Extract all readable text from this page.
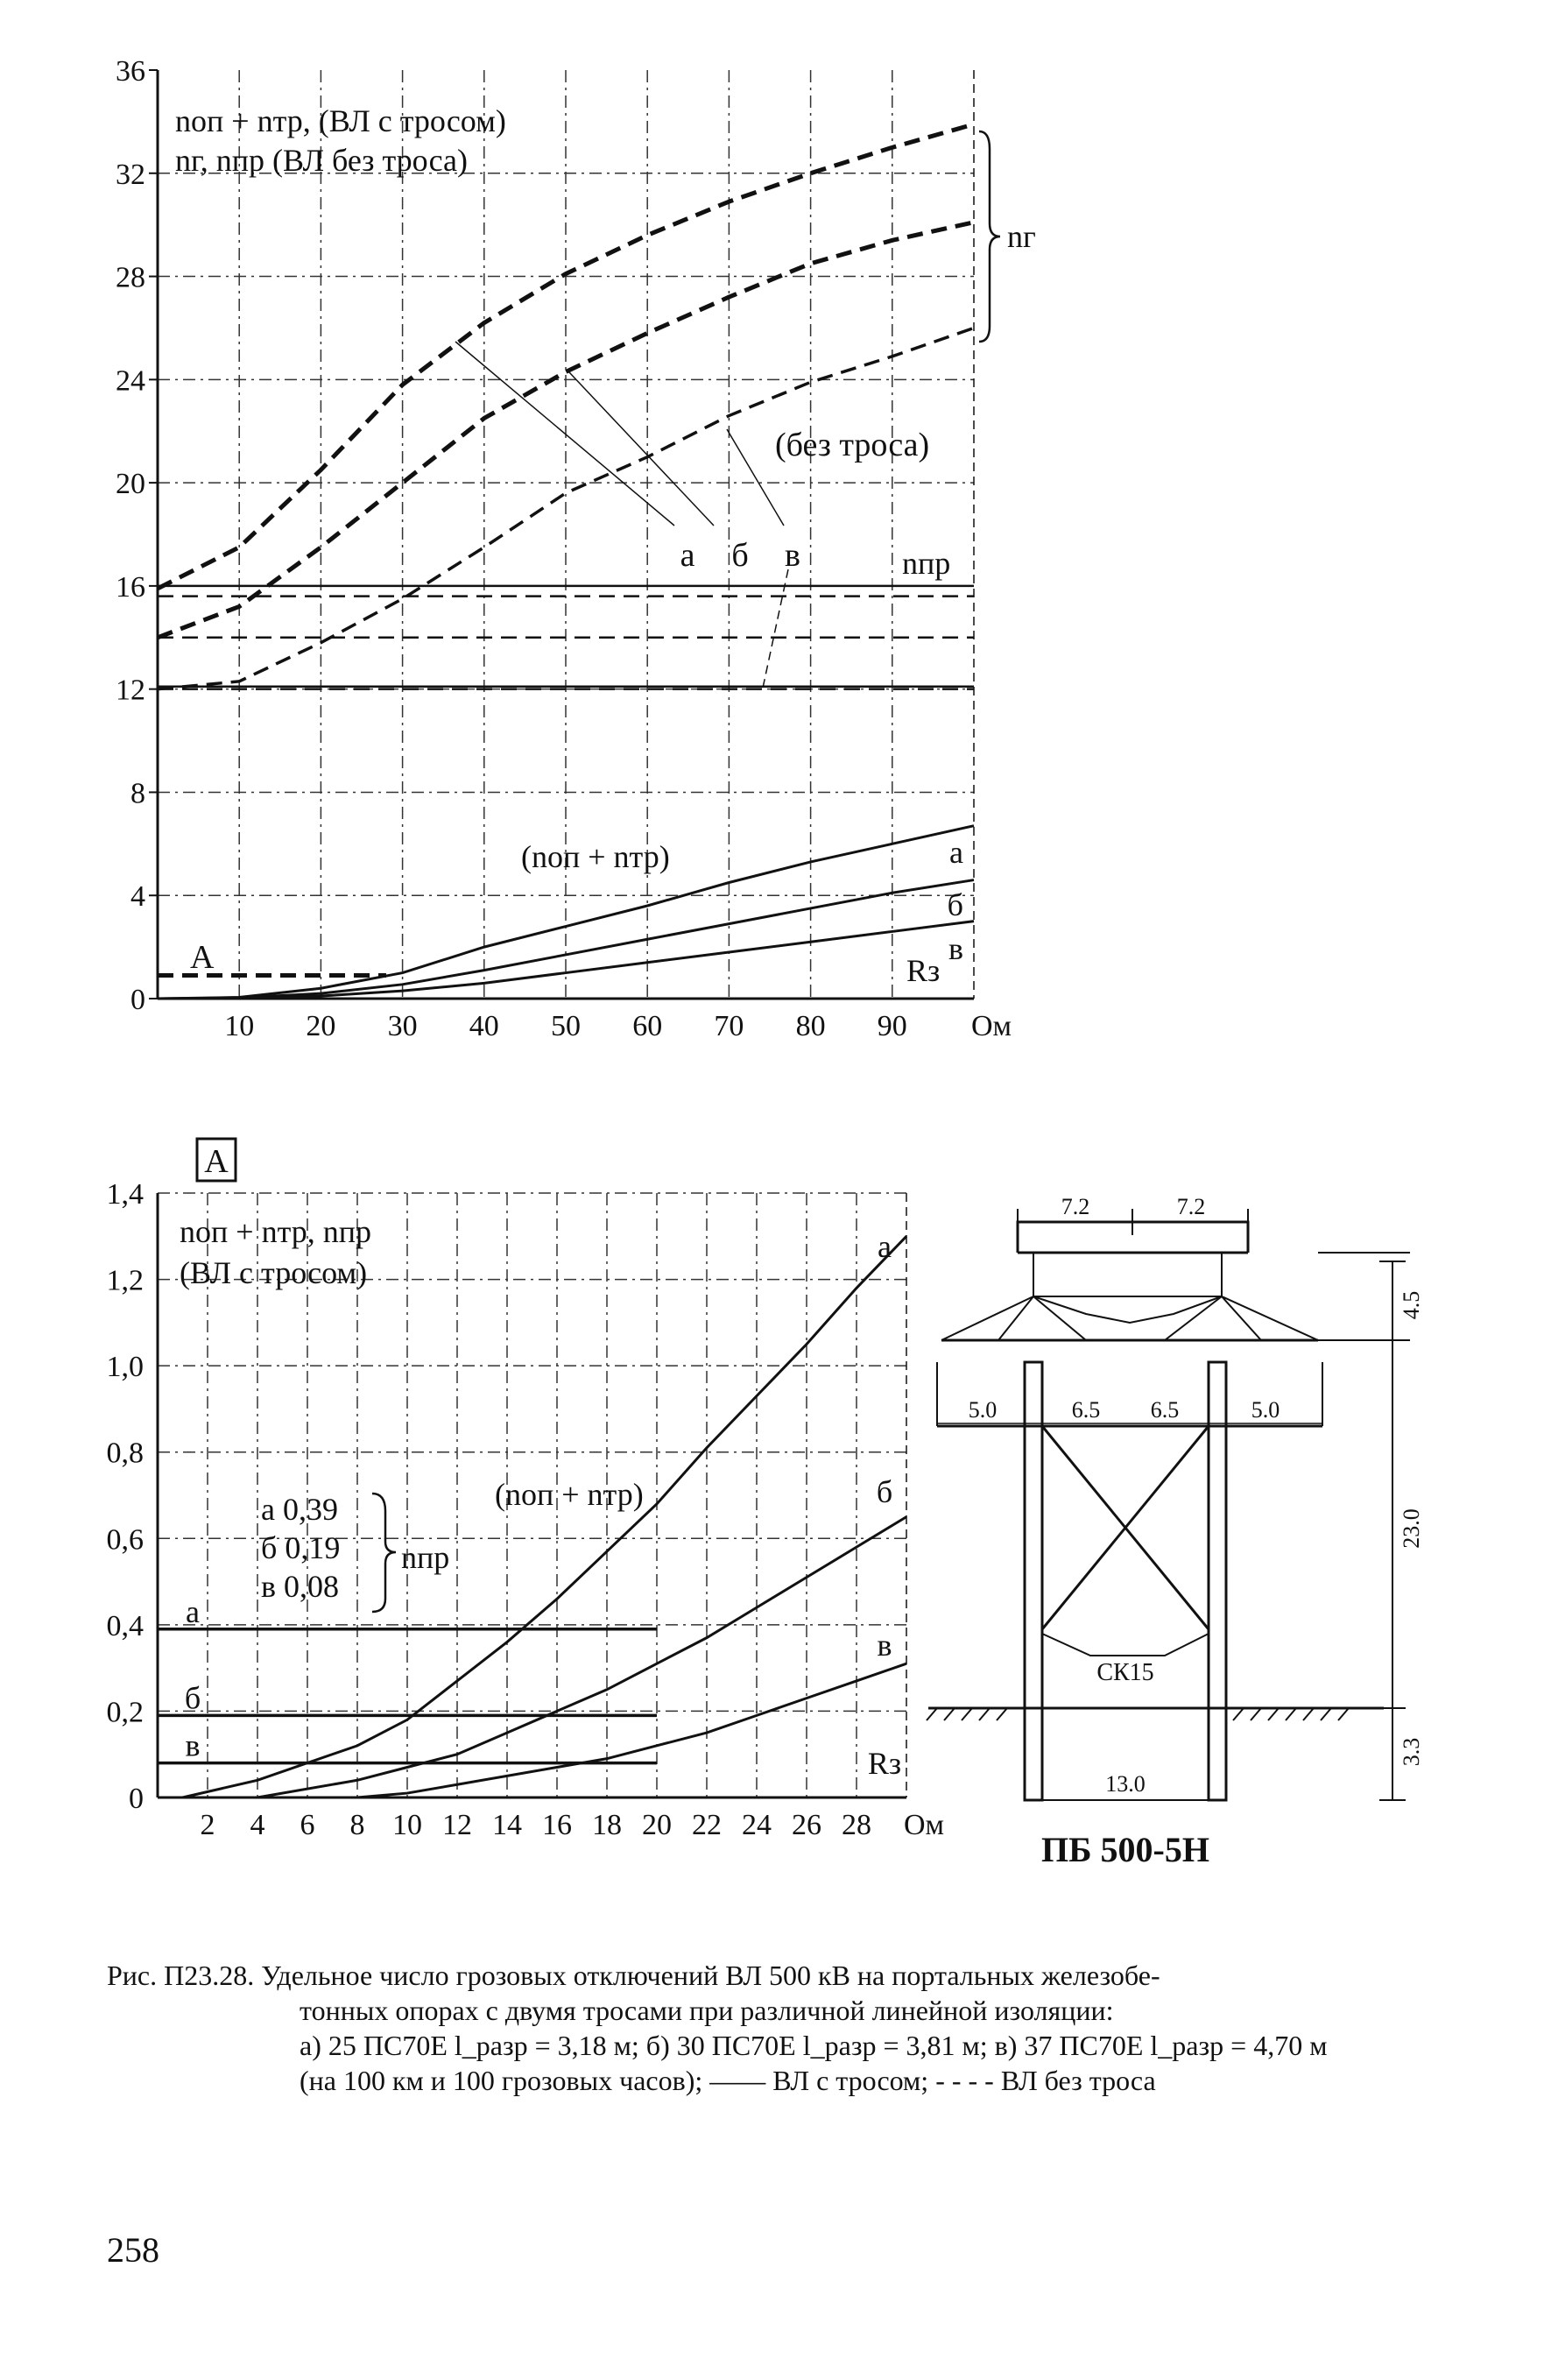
10 20 30 40 50 60 70 80 90
0
4
8
12
16
20
24
28
32
36
Ом
nоп + nтр, (ВЛ с тросом)
nг, nпр (ВЛ без троса)
nг
(без троса)
nпр
(nоп + nтр)
Rз
А
а б в
а
б
в
2 4 6 8 10 12 14 16 18 20 22 24 26 28
0
0,2
0,4
0,6
0,8
1,0
1,2
1,4
Ом
А
а
б
в
а
б
в
nоп + nтр, nпр
(ВЛ с тросом)
(nоп + nтр)
Rз
а 0,39
б 0,19
в 0,08
nпр
7.2	7.2
5.0	6.5 6.5	5.0
4.5
23.0
3.3
13.0
СК15
ПБ 500-5Н
Рис. П23.28. Удельное число грозовых отключений ВЛ 500 кВ на портальных железобе-
тонных опорах с двумя тросами при различной линейной изоляции:
а) 25 ПС70Е l_разр = 3,18 м; б) 30 ПС70Е l_разр = 3,81 м; в) 37 ПС70Е l_разр = 4,70 м
(на 100 км и 100 грозовых часов); —— ВЛ с тросом; - - - - ВЛ без троса
258
